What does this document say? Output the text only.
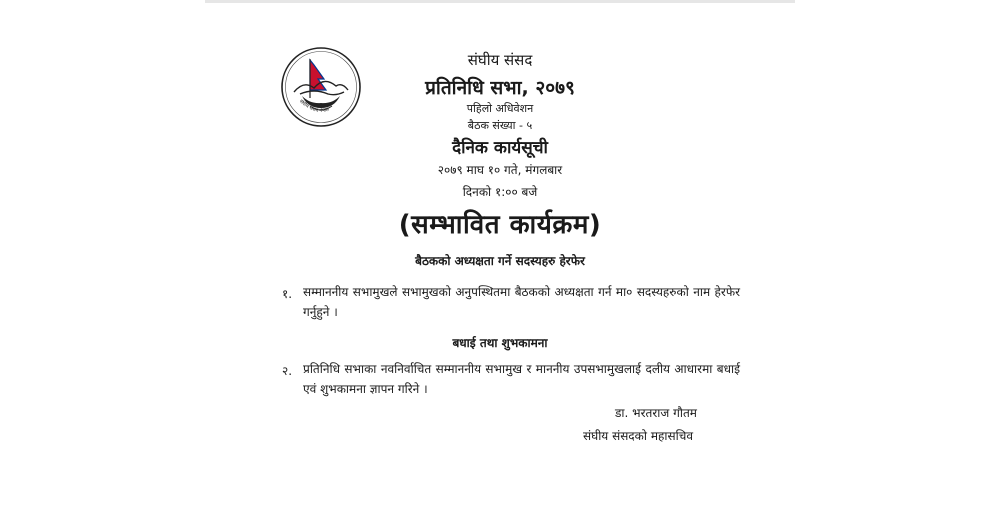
संघीय संसद नेपाल
संघीय संसद
प्रतिनिधि सभा, २०७९
पहिलो अधिवेशन
बैठक संख्या - ५
दैनिक कार्यसूची
२०७९ माघ १० गते, मंगलबार
दिनको १:०० बजे
(सम्भावित कार्यक्रम)
बैठकको अध्यक्षता गर्ने सदस्यहरु हेरफेर
१. सम्माननीय सभामुखले सभामुखको अनुपस्थितमा बैठकको अध्यक्षता गर्न मा० सदस्यहरुको नाम हेरफेर गर्नुहुने ।
बधाई तथा शुभकामना
२. प्रतिनिधि सभाका नवनिर्वाचित सम्माननीय सभामुख र माननीय उपसभामुखलाई दलीय आधारमा बधाई एवं शुभकामना ज्ञापन गरिने ।
डा. भरतराज गौतम
संघीय संसदको महासचिव
